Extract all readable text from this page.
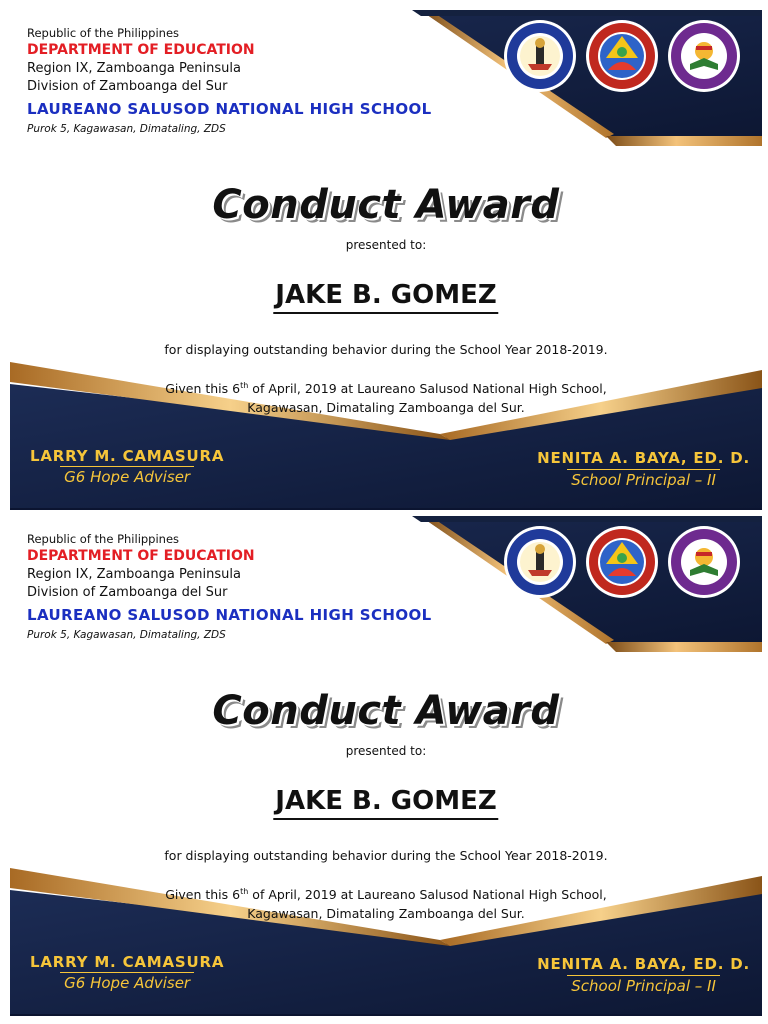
Republic of the Philippines
DEPARTMENT OF EDUCATION
Region IX, Zamboanga Peninsula
Division of Zamboanga del Sur
LAUREANO SALUSOD NATIONAL HIGH SCHOOL
Purok 5, Kagawasan, Dimataling, ZDS
Conduct Award
presented to:
JAKE B. GOMEZ
for displaying outstanding behavior during the School Year 2018-2019.
Given this 6th of April, 2019 at Laureano Salusod National High School,
Kagawasan, Dimataling Zamboanga del Sur.
LARRY M. CAMASURA
G6 Hope Adviser
NENITA A. BAYA, ED. D.
School Principal – II
Republic of the Philippines
DEPARTMENT OF EDUCATION
Region IX, Zamboanga Peninsula
Division of Zamboanga del Sur
LAUREANO SALUSOD NATIONAL HIGH SCHOOL
Purok 5, Kagawasan, Dimataling, ZDS
Conduct Award
presented to:
JAKE B. GOMEZ
for displaying outstanding behavior during the School Year 2018-2019.
Given this 6th of April, 2019 at Laureano Salusod National High School,
Kagawasan, Dimataling Zamboanga del Sur.
LARRY M. CAMASURA
G6 Hope Adviser
NENITA A. BAYA, ED. D.
School Principal – II
